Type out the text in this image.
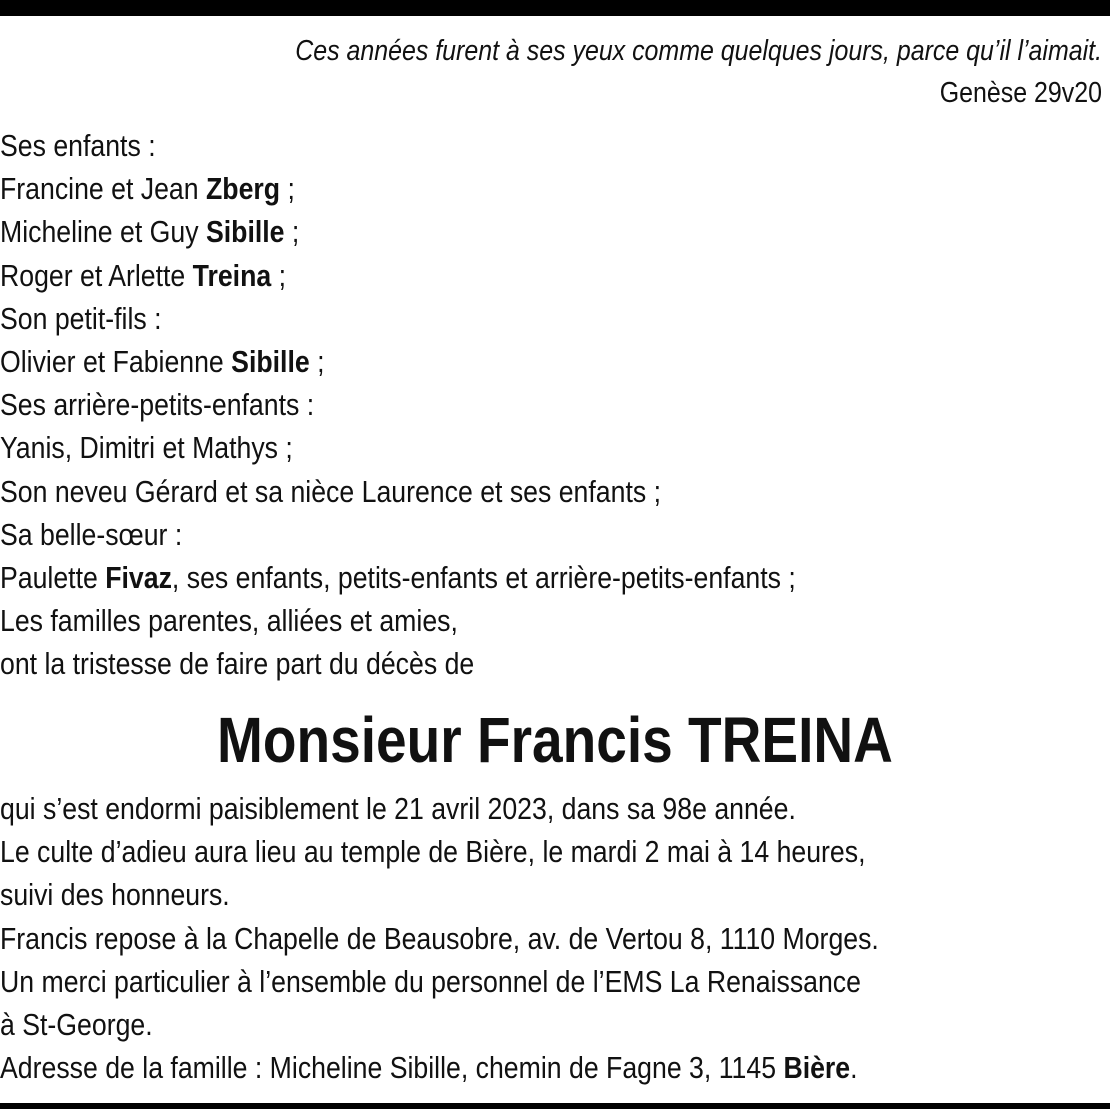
Ces années furent à ses yeux comme quelques jours, parce qu’il l’aimait.
Genèse 29v20
Ses enfants :
Francine et Jean Zberg ;
Micheline et Guy Sibille ;
Roger et Arlette Treina ;
Son petit-fils :
Olivier et Fabienne Sibille ;
Ses arrière-petits-enfants :
Yanis, Dimitri et Mathys ;
Son neveu Gérard et sa nièce Laurence et ses enfants ;
Sa belle-sœur :
Paulette Fivaz, ses enfants, petits-enfants et arrière-petits-enfants ;
Les familles parentes, alliées et amies,
ont la tristesse de faire part du décès de
Monsieur Francis TREINA
qui s’est endormi paisiblement le 21 avril 2023, dans sa 98e année.
Le culte d’adieu aura lieu au temple de Bière, le mardi 2 mai à 14 heures,
suivi des honneurs.
Francis repose à la Chapelle de Beausobre, av. de Vertou 8, 1110 Morges.
Un merci particulier à l’ensemble du personnel de l’EMS La Renaissance
à St-George.
Adresse de la famille : Micheline Sibille, chemin de Fagne 3, 1145 Bière.
